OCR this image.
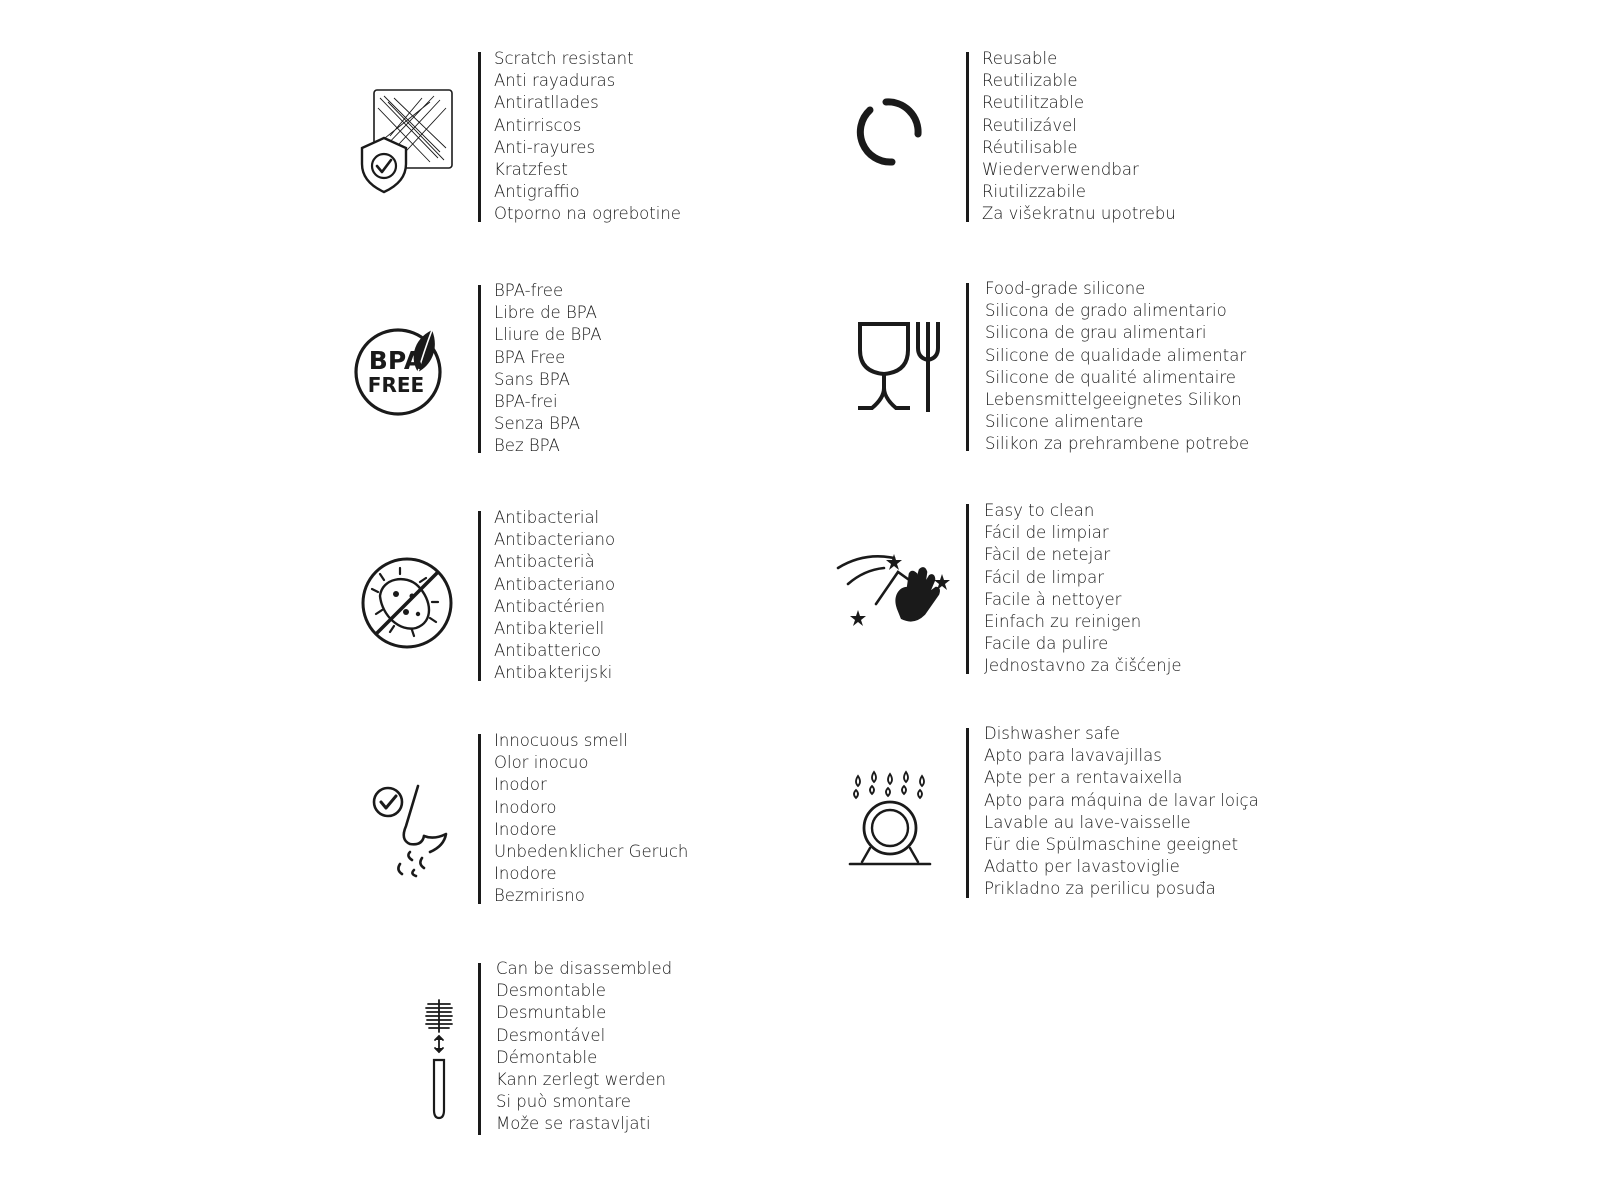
Scratch resistant
Anti rayaduras
Antiratllades
Antirriscos
Anti-rayures
Kratzfest
Antigraffio
Otporno na ogrebotine
Reusable
Reutilizable
Reutilitzable
Reutilizável
Réutilisable
Wiederverwendbar
Riutilizzabile
Za višekratnu upotrebu
BPA
FREE
BPA-free
Libre de BPA
Lliure de BPA
BPA Free
Sans BPA
BPA-frei
Senza BPA
Bez BPA
Food-grade silicone
Silicona de grado alimentario
Silicona de grau alimentari
Silicone de qualidade alimentar
Silicone de qualité alimentaire
Lebensmittelgeeignetes Silikon
Silicone alimentare
Silikon za prehrambene potrebe
Antibacterial
Antibacteriano
Antibacterià
Antibacteriano
Antibactérien
Antibakteriell
Antibatterico
Antibakterijski
Easy to clean
Fácil de limpiar
Fàcil de netejar
Fácil de limpar
Facile à nettoyer
Einfach zu reinigen
Facile da pulire
Jednostavno za čišćenje
Innocuous smell
Olor inocuo
Inodor
Inodoro
Inodore
Unbedenklicher Geruch
Inodore
Bezmirisno
Dishwasher safe
Apto para lavavajillas
Apte per a rentavaixella
Apto para máquina de lavar loiça
Lavable au lave-vaisselle
Für die Spülmaschine geeignet
Adatto per lavastoviglie
Prikladno za perilicu posuđa
Can be disassembled
Desmontable
Desmuntable
Desmontável
Démontable
Kann zerlegt werden
Si può smontare
Može se rastavljati
